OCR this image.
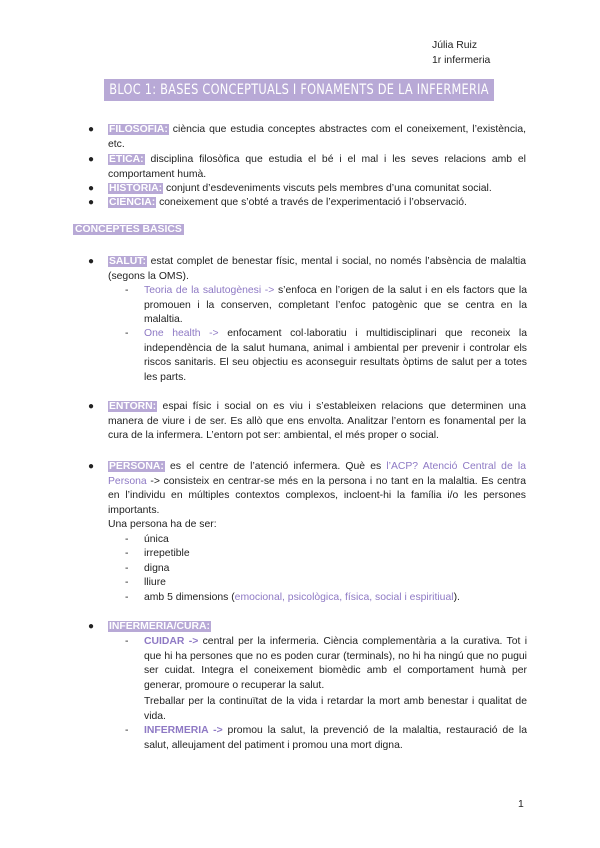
Júlia Ruiz
1r infermeria
BLOC 1: BASES CONCEPTUALS I FONAMENTS DE LA INFERMERIA
●	FILOSOFIA: ciència que estudia conceptes abstractes com el coneixement, l’existència, etc.
●	ÈTICA: disciplina filosòfica que estudia el bé i el mal i les seves relacions amb el comportament humà.
●	HISTÒRIA: conjunt d’esdeveniments viscuts pels membres d’una comunitat social.
●	CIÈNCIA: coneixement que s’obté a través de l’experimentació i l’observació.
CONCEPTES BÀSICS
●	SALUT: estat complet de benestar físic, mental i social, no només l’absència de malaltia (segons la OMS).
-	Teoria de la salutogènesi -> s’enfoca en l’origen de la salut i en els factors que la promouen i la conserven, completant l’enfoc patogènic que se centra en la malaltia.
-	One health -> enfocament col·laboratiu i multidisciplinari que reconeix la independència de la salut humana, animal i ambiental per prevenir i controlar els riscos sanitaris. El seu objectiu es aconseguir resultats òptims de salut per a totes les parts.
●	ENTORN: espai físic i social on es viu i s’estableixen relacions que determinen una manera de viure i de ser. Es allò que ens envolta. Analitzar l’entorn es fonamental per la cura de la infermera. L’entorn pot ser: ambiental, el més proper o social.
●	PERSONA: es el centre de l’atenció infermera. Què es l’ACP? Atenció Central de la Persona -> consisteix en centrar-se més en la persona i no tant en la malaltia. Es centra en l’individu en múltiples contextos complexos, incloent-hi la família i/o les persones importants.
Una persona ha de ser:
-	única
-	irrepetible
-	digna
-	lliure
-	amb 5 dimensions (emocional, psicològica, física, social i espiritiual).
●	INFERMERIA/CURA:
-	CUIDAR -> central per la infermeria. Ciència complementària a la curativa. Tot i que hi ha persones que no es poden curar (terminals), no hi ha ningú que no pugui ser cuidat. Integra el coneixement biomèdic amb el comportament humà per generar, promoure o recuperar la salut.
Treballar per la continuïtat de la vida i retardar la mort amb benestar i qualitat de vida.
-	INFERMERIA -> promou la salut, la prevenció de la malaltia, restauració de la salut, alleujament del patiment i promou una mort digna.
1
